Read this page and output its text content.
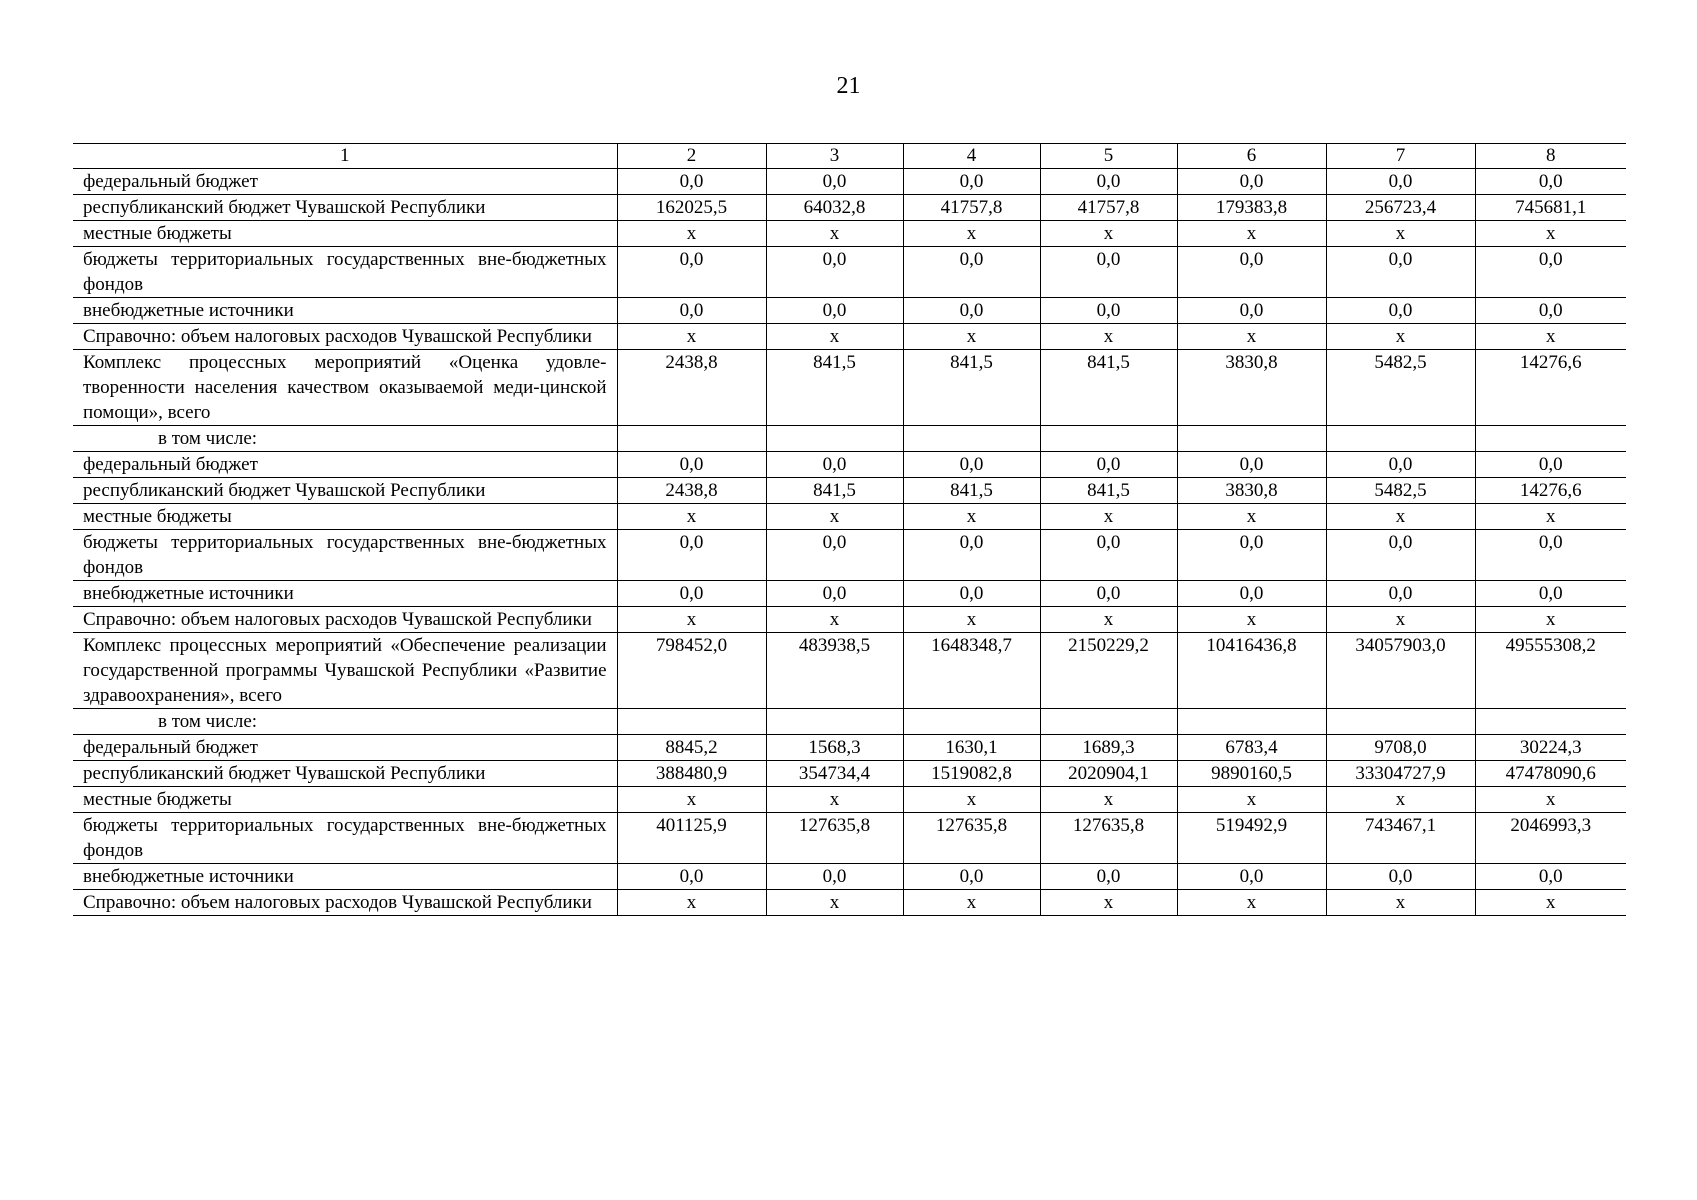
21
1	2	3	4	5	6	7	8
федеральный бюджет	0,0	0,0	0,0	0,0	0,0	0,0	0,0
республиканский бюджет Чувашской Республики	162025,5	64032,8	41757,8	41757,8	179383,8	256723,4	745681,1
местные бюджеты	x	x	x	x	x	x	x
бюджеты территориальных государственных вне-бюджетных фондов	0,0	0,0	0,0	0,0	0,0	0,0	0,0
внебюджетные источники	0,0	0,0	0,0	0,0	0,0	0,0	0,0
Справочно: объем налоговых расходов Чувашской Республики	x	x	x	x	x	x	x
Комплекс процессных мероприятий «Оценка удовле-творенности населения качеством оказываемой меди-цинской помощи», всего	2438,8	841,5	841,5	841,5	3830,8	5482,5	14276,6
в том числе:							
федеральный бюджет	0,0	0,0	0,0	0,0	0,0	0,0	0,0
республиканский бюджет Чувашской Республики	2438,8	841,5	841,5	841,5	3830,8	5482,5	14276,6
местные бюджеты	x	x	x	x	x	x	x
бюджеты территориальных государственных вне-бюджетных фондов	0,0	0,0	0,0	0,0	0,0	0,0	0,0
внебюджетные источники	0,0	0,0	0,0	0,0	0,0	0,0	0,0
Справочно: объем налоговых расходов Чувашской Республики	x	x	x	x	x	x	x
Комплекс процессных мероприятий «Обеспечение реализации государственной программы Чувашской Республики «Развитие здравоохранения», всего	798452,0	483938,5	1648348,7	2150229,2	10416436,8	34057903,0	49555308,2
в том числе:							
федеральный бюджет	8845,2	1568,3	1630,1	1689,3	6783,4	9708,0	30224,3
республиканский бюджет Чувашской Республики	388480,9	354734,4	1519082,8	2020904,1	9890160,5	33304727,9	47478090,6
местные бюджеты	x	x	x	x	x	x	x
бюджеты территориальных государственных вне-бюджетных фондов	401125,9	127635,8	127635,8	127635,8	519492,9	743467,1	2046993,3
внебюджетные источники	0,0	0,0	0,0	0,0	0,0	0,0	0,0
Справочно: объем налоговых расходов Чувашской Республики	x	x	x	x	x	x	x
